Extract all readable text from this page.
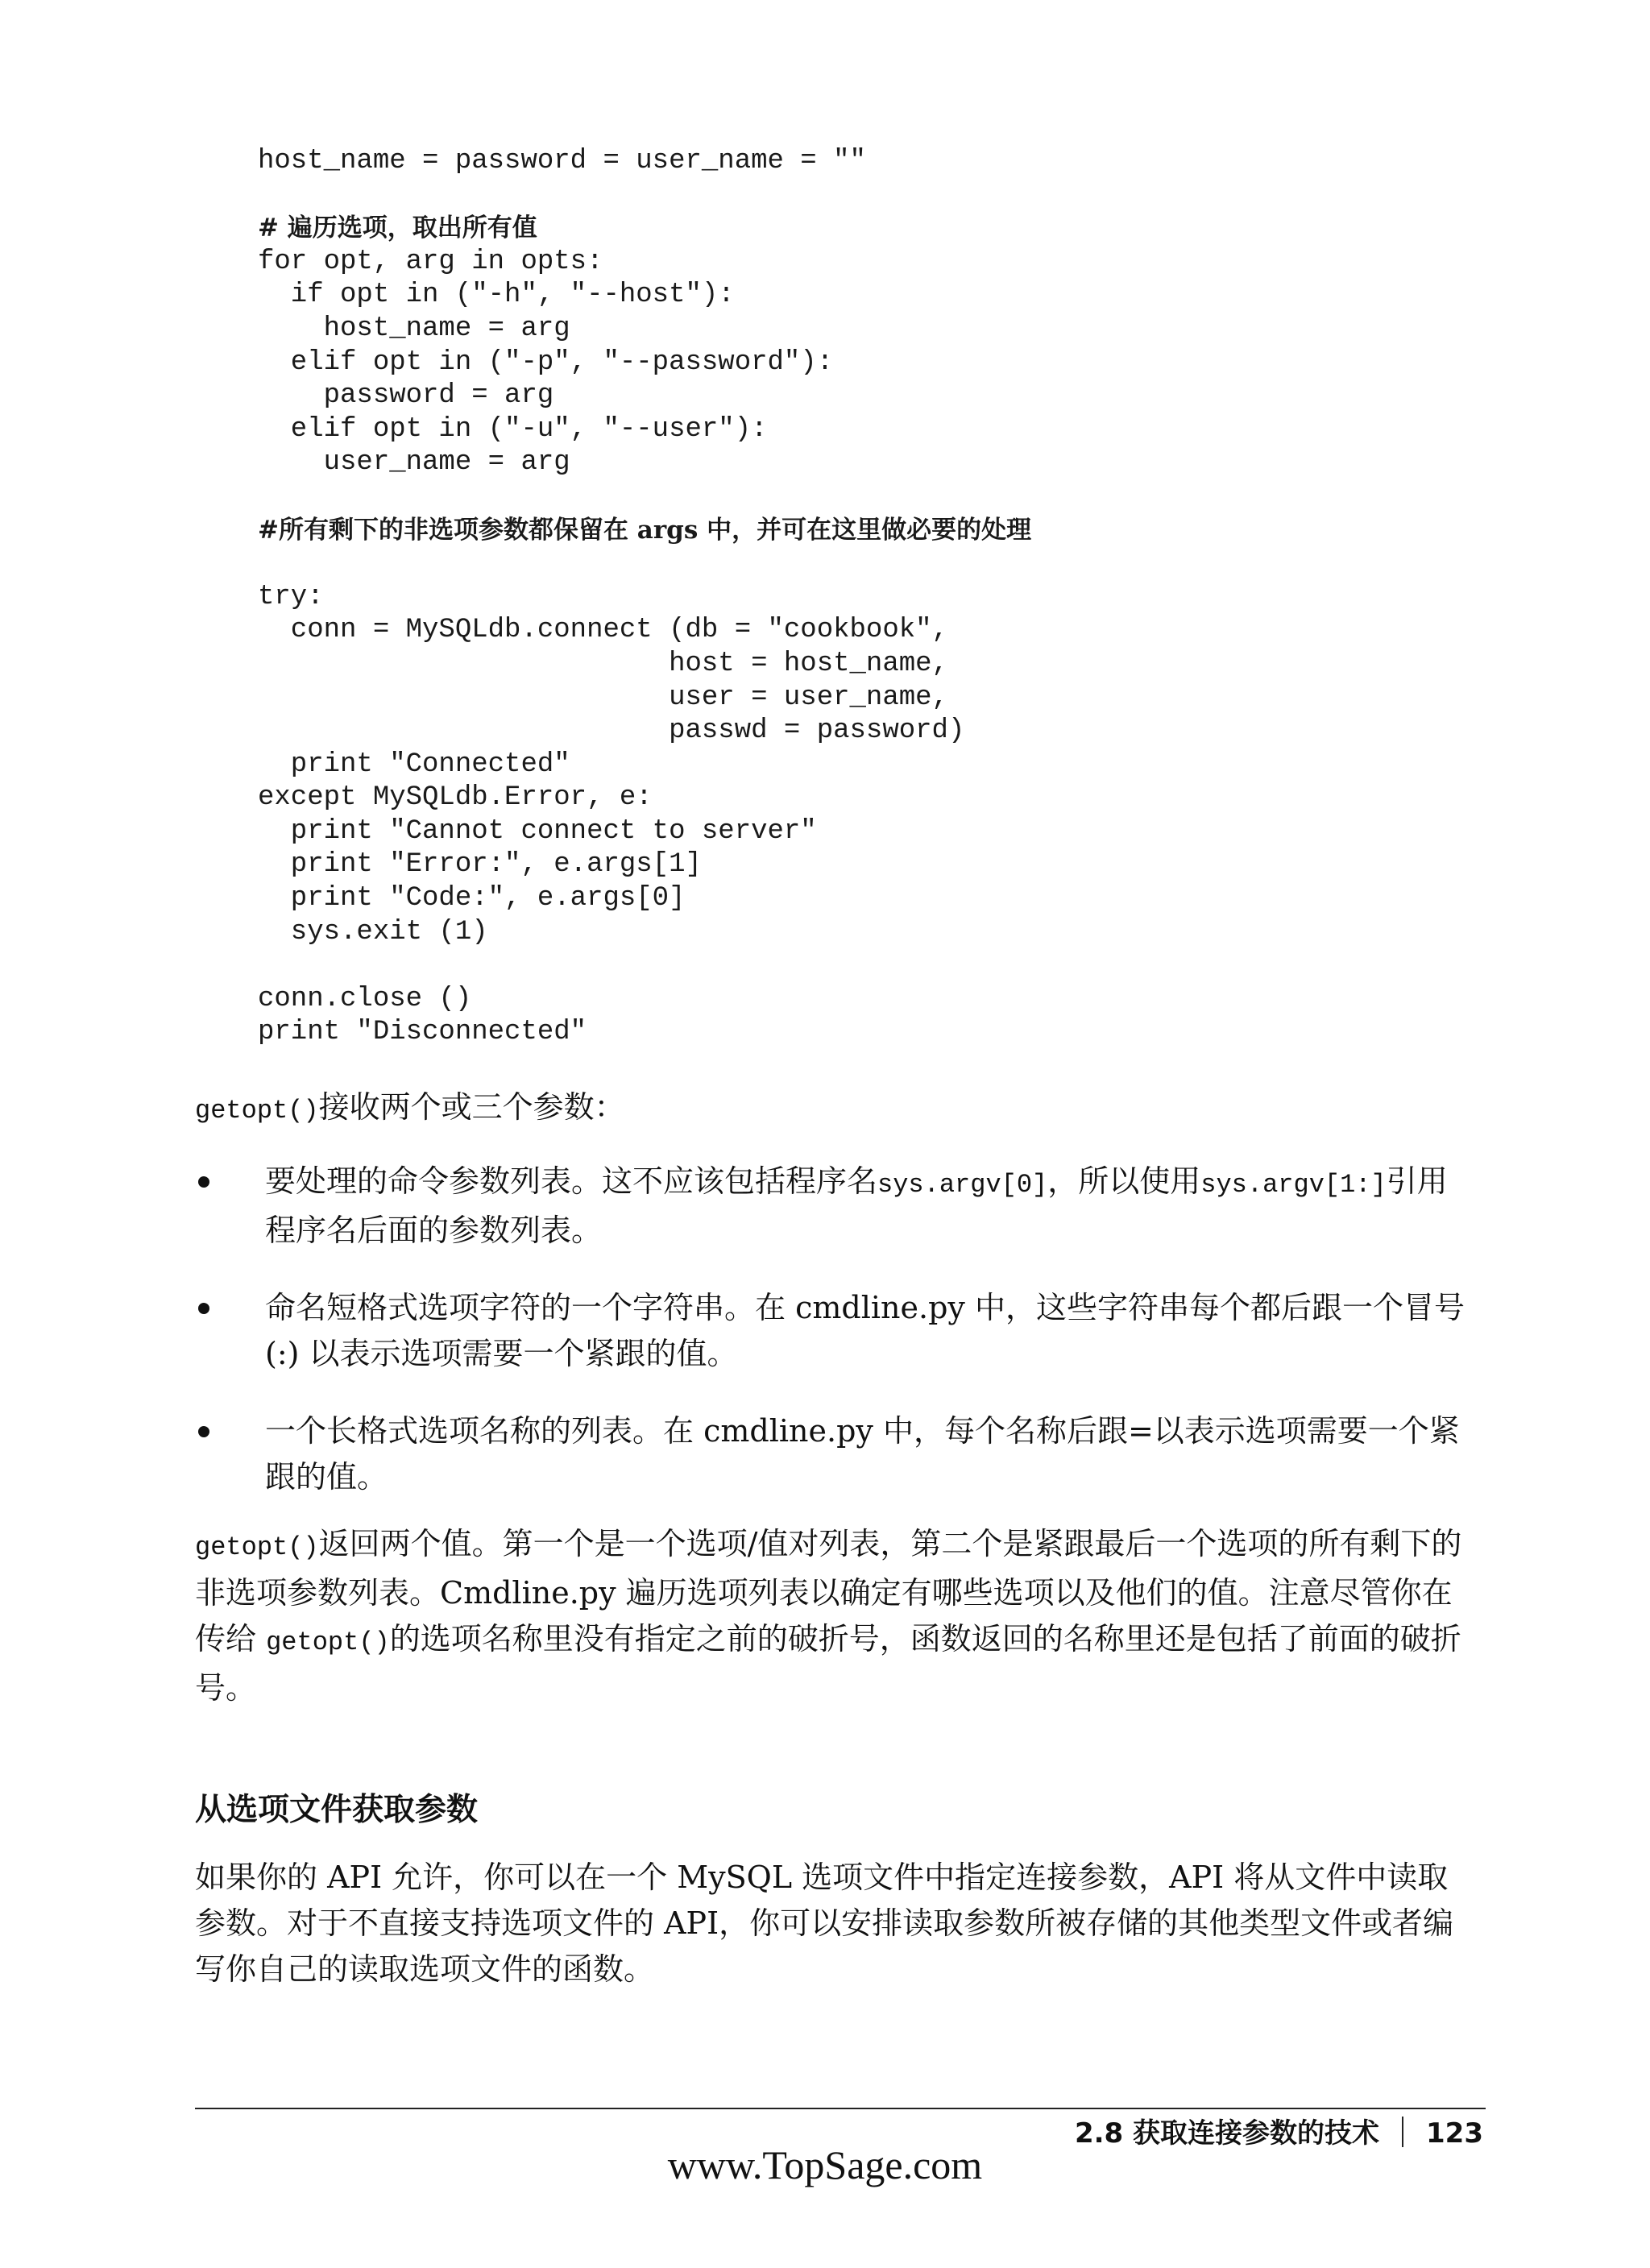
host_name = password = user_name = ""
# 遍历选项，取出所有值
for opt, arg in opts:
if opt in ("-h", "--host"):
host_name = arg
elif opt in ("-p", "--password"):
password = arg
elif opt in ("-u", "--user"):
user_name = arg
#所有剩下的非选项参数都保留在 args 中，并可在这里做必要的处理
try:
conn = MySQLdb.connect (db = "cookbook",
host = host_name,
user = user_name,
passwd = password)
print "Connected"
except MySQLdb.Error, e:
print "Cannot connect to server"
print "Error:", e.args[1]
print "Code:", e.args[0]
sys.exit (1)
conn.close ()
print "Disconnected"
getopt()接收两个或三个参数：
要处理的命令参数列表。这不应该包括程序名sys.argv[0]，所以使用sys.argv[1:]引用程序名后面的参数列表。
命名短格式选项字符的一个字符串。在 cmdline.py 中，这些字符串每个都后跟一个冒号 (:) 以表示选项需要一个紧跟的值。
一个长格式选项名称的列表。在 cmdline.py 中，每个名称后跟=以表示选项需要一个紧跟的值。
getopt()返回两个值。第一个是一个选项/值对列表，第二个是紧跟最后一个选项的所有剩下的非选项参数列表。Cmdline.py 遍历选项列表以确定有哪些选项以及他们的值。注意尽管你在传给 getopt()的选项名称里没有指定之前的破折号，函数返回的名称里还是包括了前面的破折号。
从选项文件获取参数
如果你的 API 允许，你可以在一个 MySQL 选项文件中指定连接参数，API 将从文件中读取参数。对于不直接支持选项文件的 API，你可以安排读取参数所被存储的其他类型文件或者编写你自己的读取选项文件的函数。
2.8 获取连接参数的技术 123
www.TopSage.com
